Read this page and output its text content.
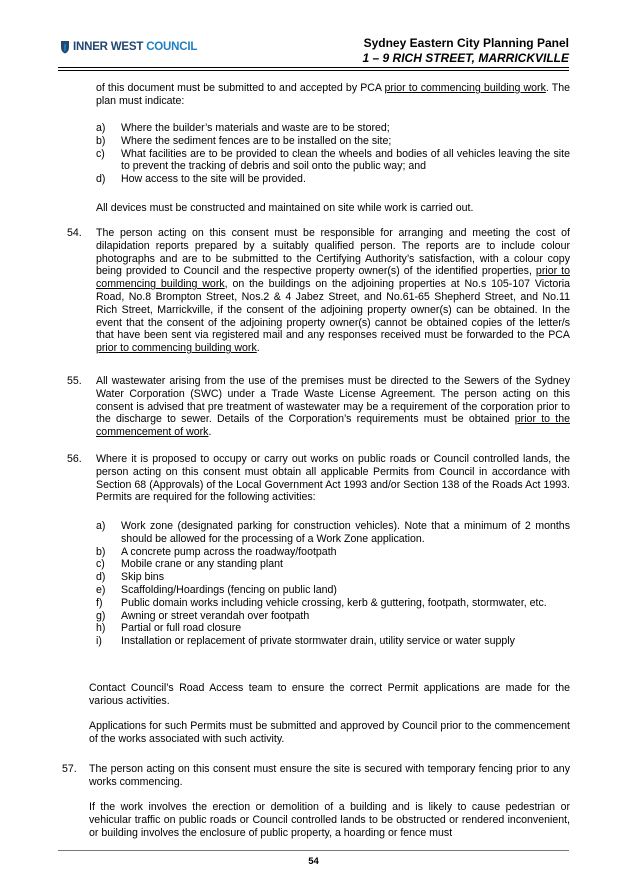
INNER WEST COUNCIL	Sydney Eastern City Planning Panel
1 – 9 RICH STREET, MARRICKVILLE
of this document must be submitted to and accepted by PCA prior to commencing building work. The plan must indicate:
a)	Where the builder’s materials and waste are to be stored;
b)	Where the sediment fences are to be installed on the site;
c)	What facilities are to be provided to clean the wheels and bodies of all vehicles leaving the site to prevent the tracking of debris and soil onto the public way; and
d)	How access to the site will be provided.
All devices must be constructed and maintained on site while work is carried out.
54. The person acting on this consent must be responsible for arranging and meeting the cost of dilapidation reports prepared by a suitably qualified person. The reports are to include colour photographs and are to be submitted to the Certifying Authority’s satisfaction, with a colour copy being provided to Council and the respective property owner(s) of the identified properties, prior to commencing building work, on the buildings on the adjoining properties at No.s 105-107 Victoria Road, No.8 Brompton Street, Nos.2 & 4 Jabez Street, and No.61-65 Shepherd Street, and No.11 Rich Street, Marrickville, if the consent of the adjoining property owner(s) can be obtained. In the event that the consent of the adjoining property owner(s) cannot be obtained copies of the letter/s that have been sent via registered mail and any responses received must be forwarded to the PCA prior to commencing building work.
55. All wastewater arising from the use of the premises must be directed to the Sewers of the Sydney Water Corporation (SWC) under a Trade Waste License Agreement. The person acting on this consent is advised that pre treatment of wastewater may be a requirement of the corporation prior to the discharge to sewer. Details of the Corporation’s requirements must be obtained prior to the commencement of work.
56. Where it is proposed to occupy or carry out works on public roads or Council controlled lands, the person acting on this consent must obtain all applicable Permits from Council in accordance with Section 68 (Approvals) of the Local Government Act 1993 and/or Section 138 of the Roads Act 1993. Permits are required for the following activities:
a)	Work zone (designated parking for construction vehicles). Note that a minimum of 2 months should be allowed for the processing of a Work Zone application.
b)	A concrete pump across the roadway/footpath
c)	Mobile crane or any standing plant
d)	Skip bins
e)	Scaffolding/Hoardings (fencing on public land)
f)	Public domain works including vehicle crossing, kerb & guttering, footpath, stormwater, etc.
g)	Awning or street verandah over footpath
h)	Partial or full road closure
i)	Installation or replacement of private stormwater drain, utility service or water supply
Contact Council’s Road Access team to ensure the correct Permit applications are made for the various activities.
Applications for such Permits must be submitted and approved by Council prior to the commencement of the works associated with such activity.
57. The person acting on this consent must ensure the site is secured with temporary fencing prior to any works commencing.
If the work involves the erection or demolition of a building and is likely to cause pedestrian or vehicular traffic on public roads or Council controlled lands to be obstructed or rendered inconvenient, or building involves the enclosure of public property, a hoarding or fence must
54
